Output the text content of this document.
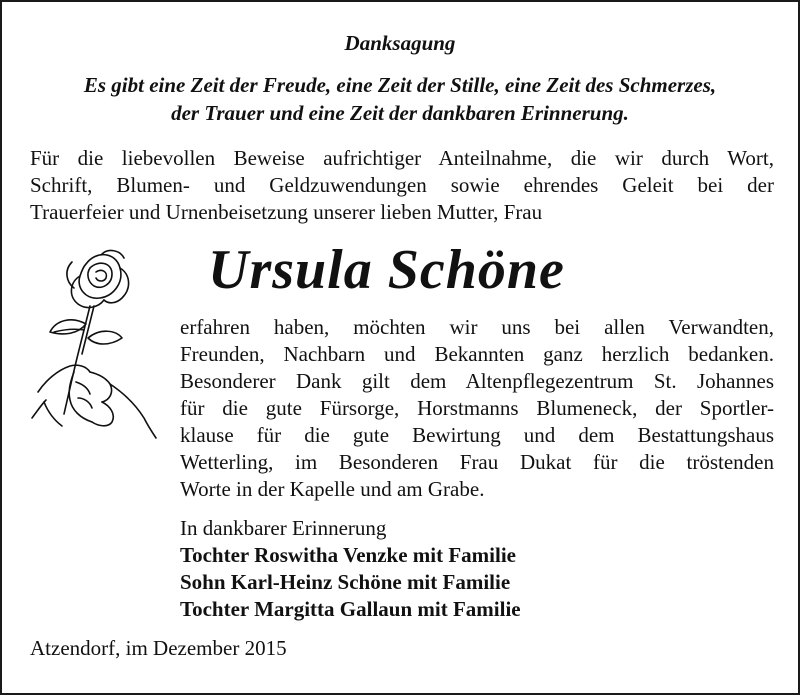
Danksagung
Es gibt eine Zeit der Freude, eine Zeit der Stille, eine Zeit des Schmerzes,
der Trauer und eine Zeit der dankbaren Erinnerung.
Für die liebevollen Beweise aufrichtiger Anteilnahme, die wir durch Wort,
Schrift, Blumen- und Geldzuwendungen sowie ehrendes Geleit bei der
Trauerfeier und Urnenbeisetzung unserer lieben Mutter, Frau
Ursula Schöne
erfahren haben, möchten wir uns bei allen Verwandten,
Freunden, Nachbarn und Bekannten ganz herzlich bedanken.
Besonderer Dank gilt dem Altenpflegezentrum St. Johannes
für die gute Fürsorge, Horstmanns Blumeneck, der Sportler-
klause für die gute Bewirtung und dem Bestattungshaus
Wetterling, im Besonderen Frau Dukat für die tröstenden
Worte in der Kapelle und am Grabe.
In dankbarer Erinnerung
Tochter Roswitha Venzke mit Familie
Sohn Karl-Heinz Schöne mit Familie
Tochter Margitta Gallaun mit Familie
Atzendorf, im Dezember 2015
